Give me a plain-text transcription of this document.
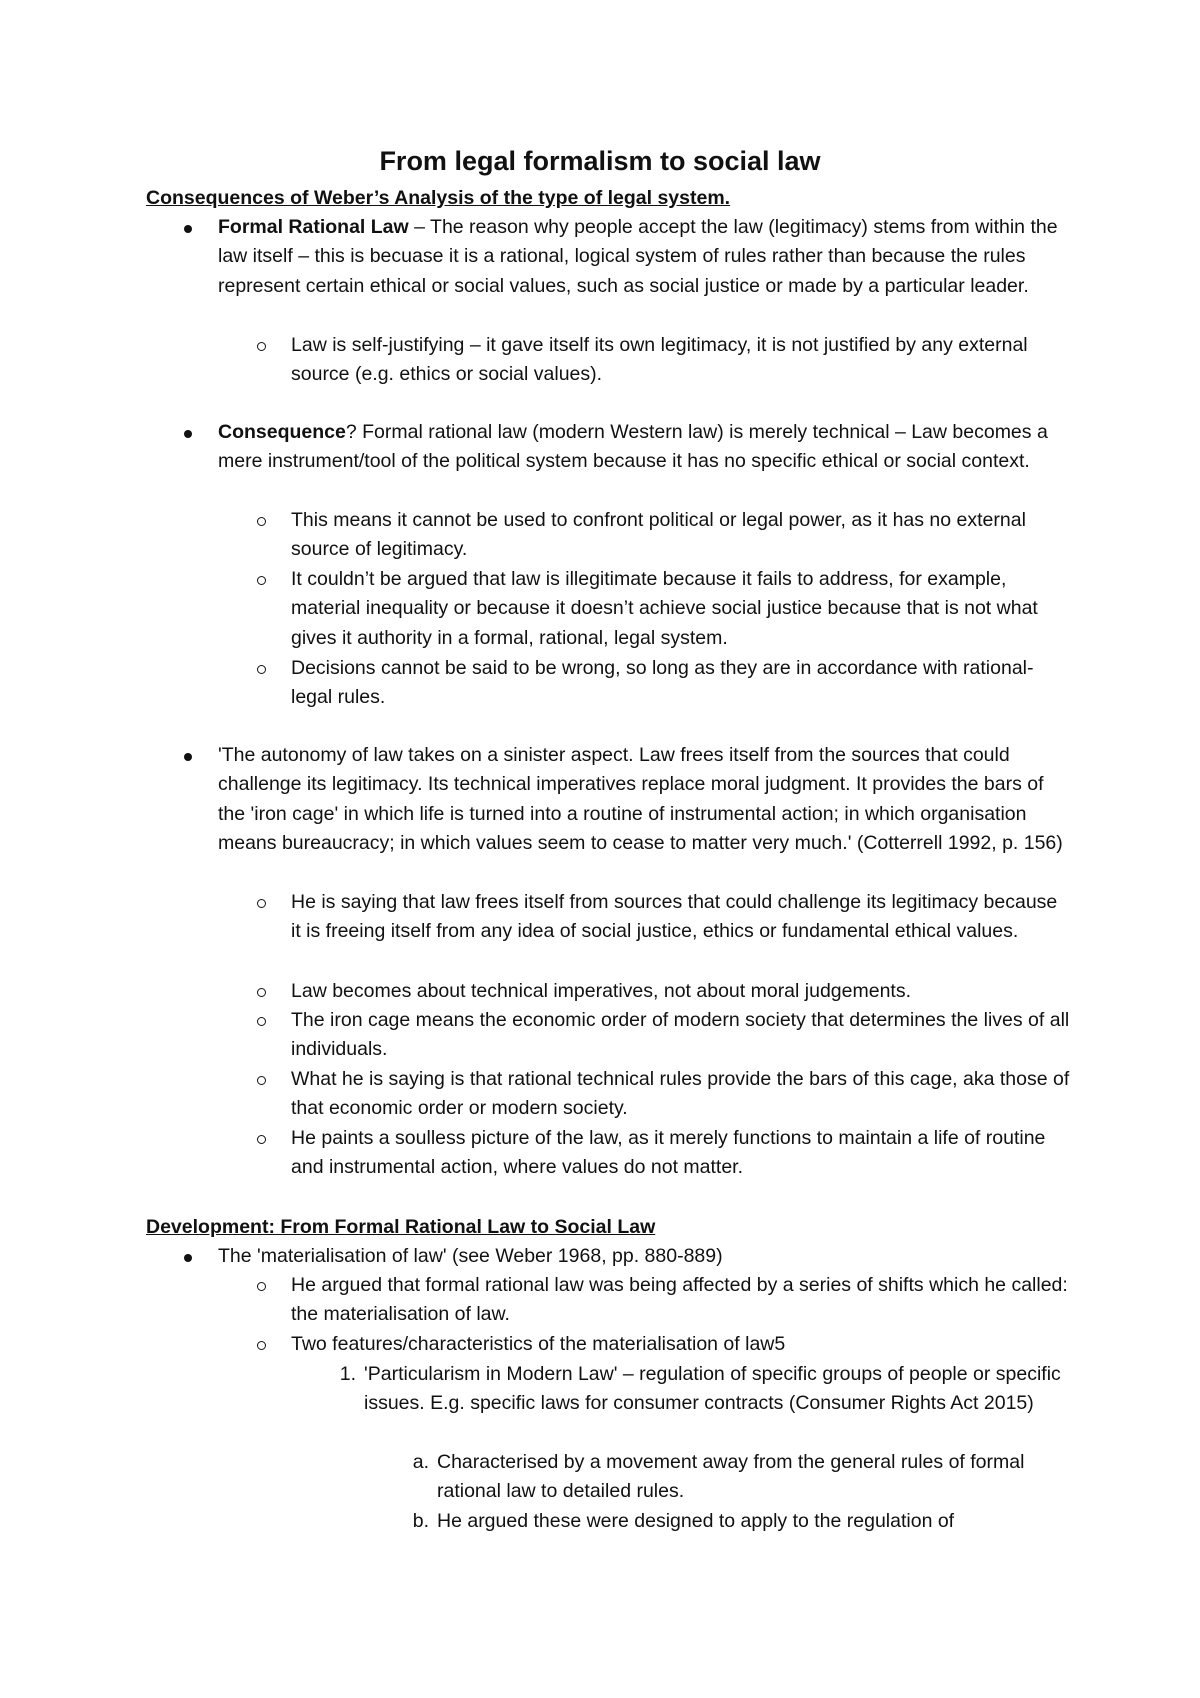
From legal formalism to social law
Consequences of Weber’s Analysis of the type of legal system.
Formal Rational Law – The reason why people accept the law (legitimacy) stems from within the law itself – this is becuase it is a rational, logical system of rules rather than because the rules represent certain ethical or social values, such as social justice or made by a particular leader.
Law is self-justifying – it gave itself its own legitimacy, it is not justified by any external source (e.g. ethics or social values).
Consequence? Formal rational law (modern Western law) is merely technical – Law becomes a mere instrument/tool of the political system because it has no specific ethical or social context.
This means it cannot be used to confront political or legal power, as it has no external source of legitimacy.
It couldn’t be argued that law is illegitimate because it fails to address, for example, material inequality or because it doesn’t achieve social justice because that is not what gives it authority in a formal, rational, legal system.
Decisions cannot be said to be wrong, so long as they are in accordance with rational-legal rules.
'The autonomy of law takes on a sinister aspect. Law frees itself from the sources that could challenge its legitimacy. Its technical imperatives replace moral judgment. It provides the bars of the 'iron cage' in which life is turned into a routine of instrumental action; in which organisation means bureaucracy; in which values seem to cease to matter very much.' (Cotterrell 1992, p. 156)
He is saying that law frees itself from sources that could challenge its legitimacy because it is freeing itself from any idea of social justice, ethics or fundamental ethical values.
Law becomes about technical imperatives, not about moral judgements.
The iron cage means the economic order of modern society that determines the lives of all individuals.
What he is saying is that rational technical rules provide the bars of this cage, aka those of that economic order or modern society.
He paints a soulless picture of the law, as it merely functions to maintain a life of routine and instrumental action, where values do not matter.
Development: From Formal Rational Law to Social Law
The 'materialisation of law' (see Weber 1968, pp. 880-889)
He argued that formal rational law was being affected by a series of shifts which he called: the materialisation of law.
Two features/characteristics of the materialisation of law5
1. 'Particularism in Modern Law' – regulation of specific groups of people or specific issues. E.g. specific laws for consumer contracts (Consumer Rights Act 2015)
a. Characterised by a movement away from the general rules of formal rational law to detailed rules.
b. He argued these were designed to apply to the regulation of
